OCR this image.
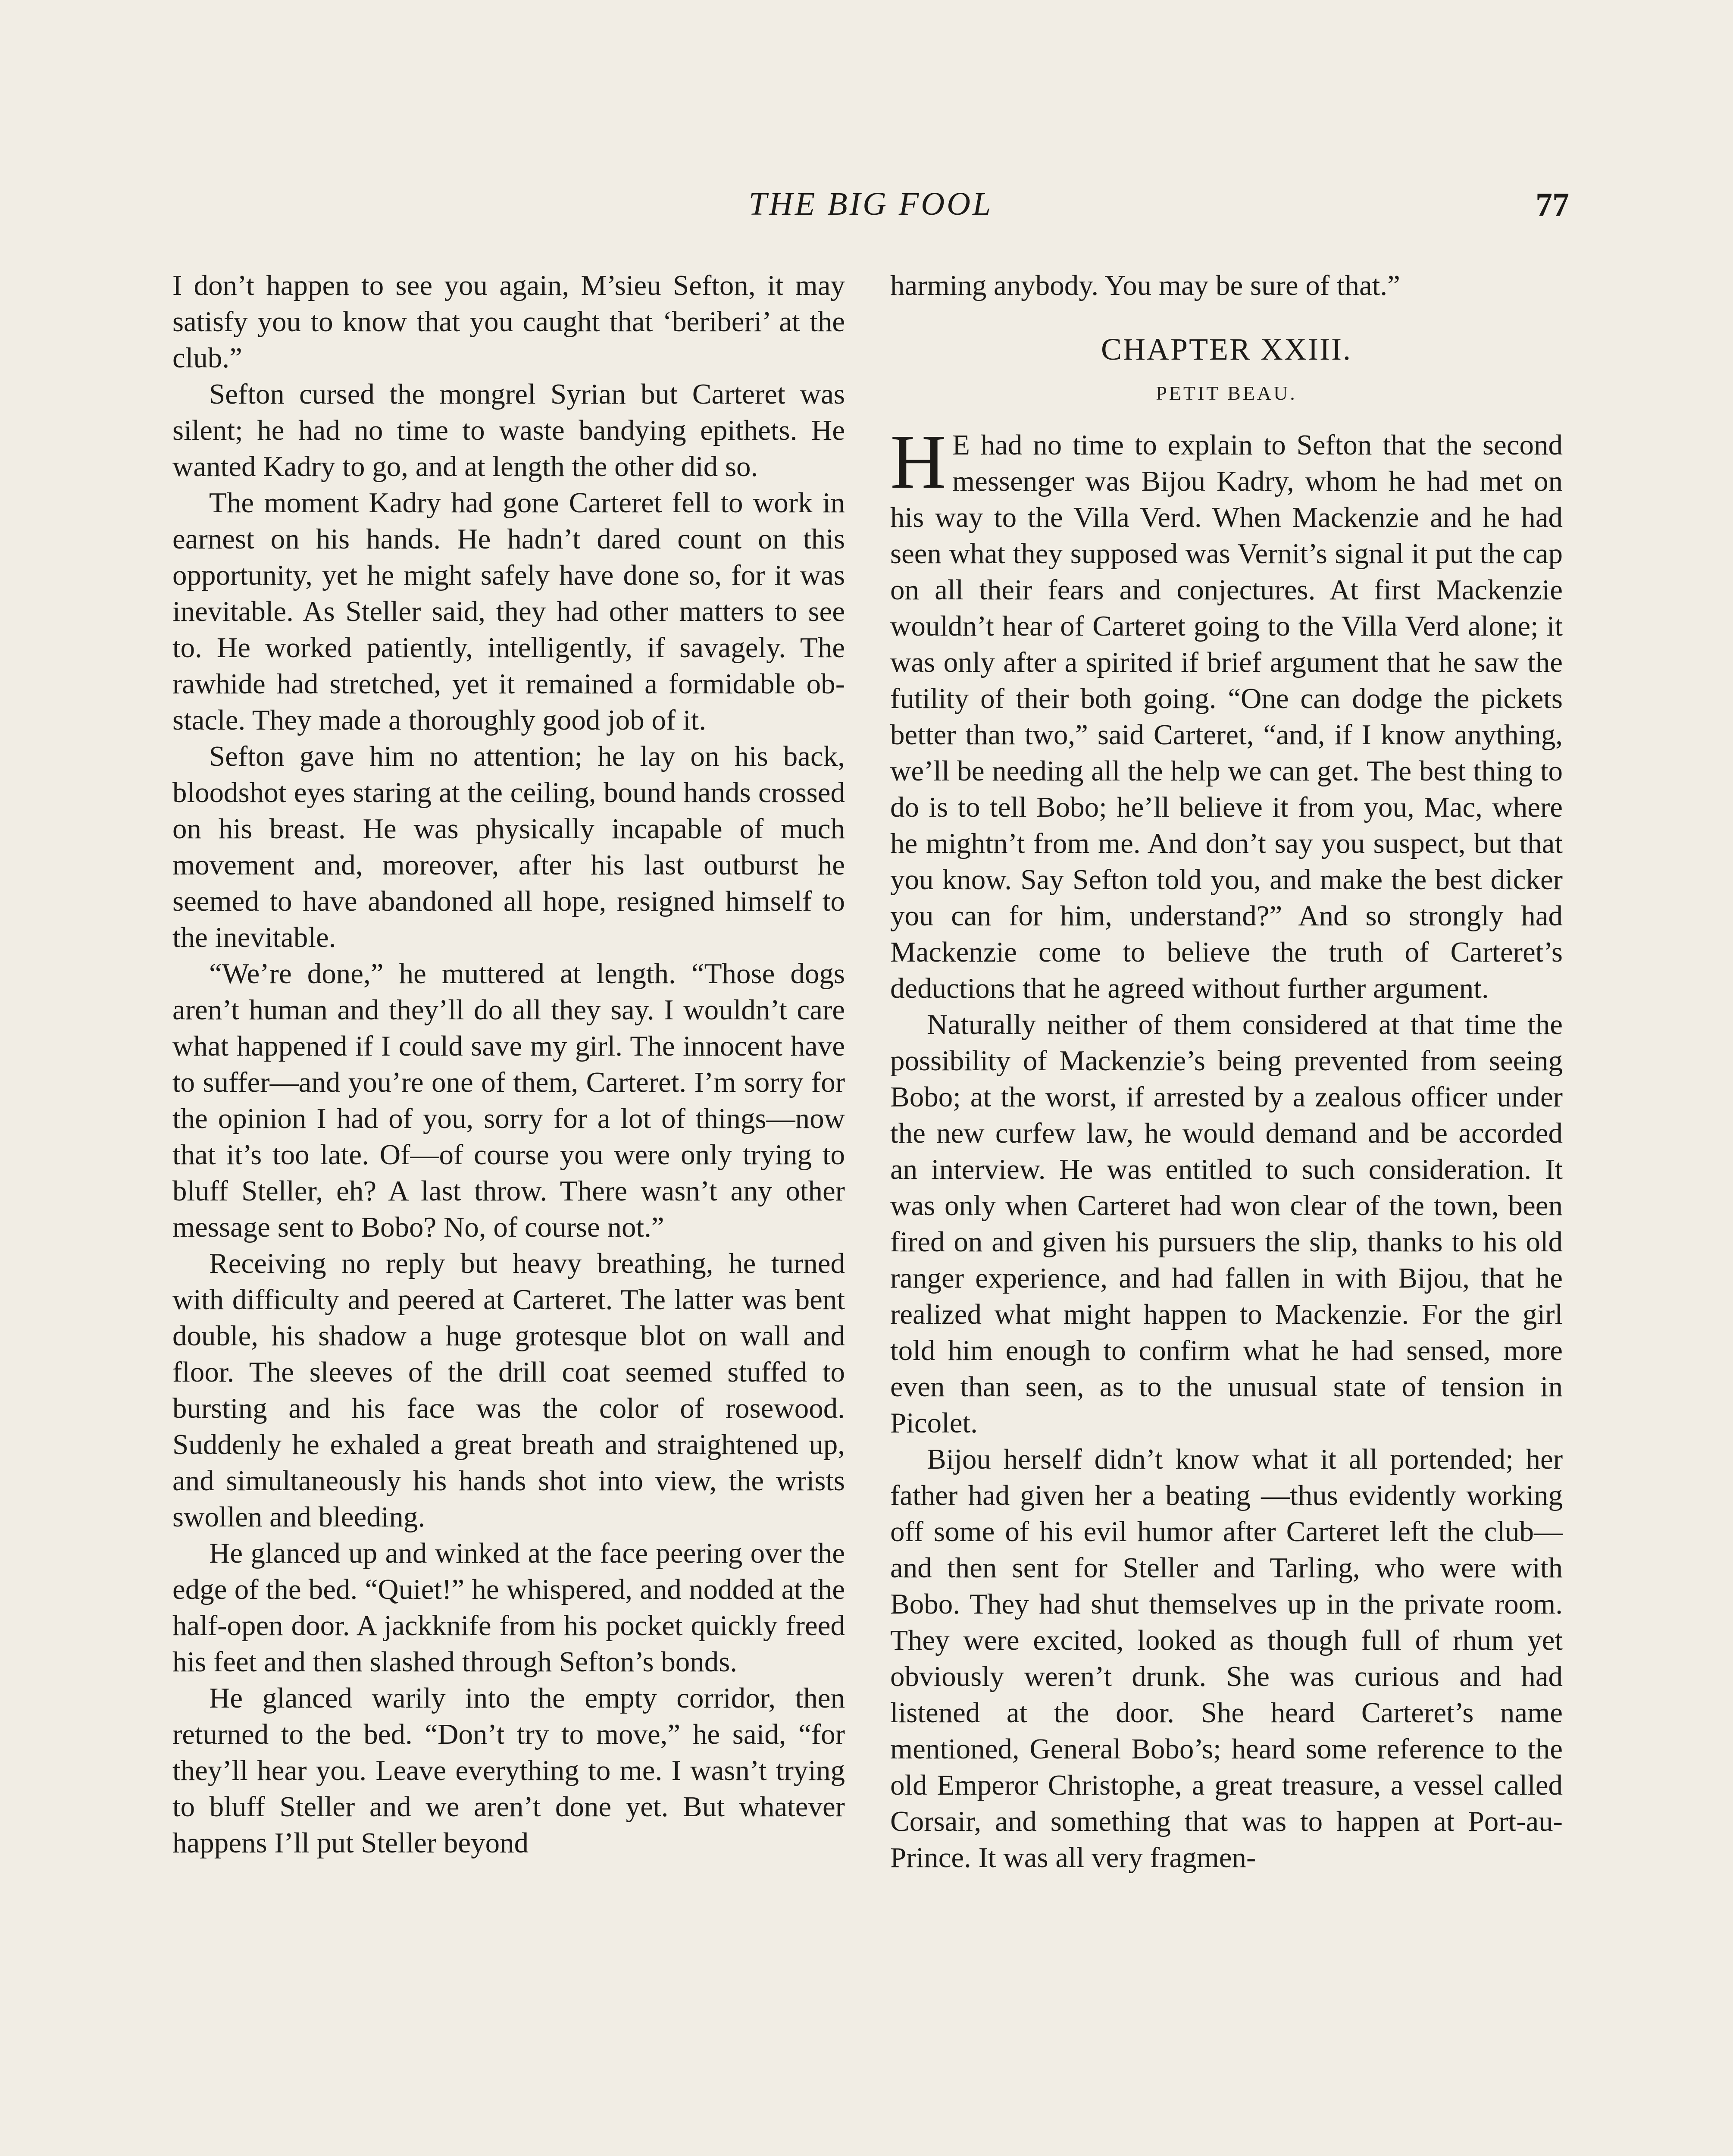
THE BIG FOOL	77

I don’t happen to see you again, M’sieu Sefton, it may satisfy you to know that you caught that ‘beriberi’ at the club.”

Sefton cursed the mongrel Syrian but Carteret was silent; he had no time to waste bandying epithets. He wanted Kadry to go, and at length the other did so.

The moment Kadry had gone Carteret fell to work in earnest on his hands. He hadn’t dared count on this opportunity, yet he might safely have done so, for it was inevitable. As Steller said, they had other matters to see to. He worked patiently, intelligently, if savagely. The rawhide had stretched, yet it remained a formidable obstacle. They made a thoroughly good job of it.

Sefton gave him no attention; he lay on his back, bloodshot eyes staring at the ceiling, bound hands crossed on his breast. He was physically incapable of much movement and, moreover, after his last outburst he seemed to have abandoned all hope, resigned himself to the inevitable.

“We’re done,” he muttered at length. “Those dogs aren’t human and they’ll do all they say. I wouldn’t care what happened if I could save my girl. The innocent have to suffer—and you’re one of them, Carteret. I’m sorry for the opinion I had of you, sorry for a lot of things—now that it’s too late. Of—of course you were only trying to bluff Steller, eh? A last throw. There wasn’t any other message sent to Bobo? No, of course not.”

Receiving no reply but heavy breathing, he turned with difficulty and peered at Carteret. The latter was bent double, his shadow a huge grotesque blot on wall and floor. The sleeves of the drill coat seemed stuffed to bursting and his face was the color of rosewood. Suddenly he exhaled a great breath and straightened up, and simultaneously his hands shot into view, the wrists swollen and bleeding.

He glanced up and winked at the face peering over the edge of the bed. “Quiet!” he whispered, and nodded at the half-open door. A jackknife from his pocket quickly freed his feet and then slashed through Sefton’s bonds.

He glanced warily into the empty corridor, then returned to the bed. “Don’t try to move,” he said, “for they’ll hear you. Leave everything to me. I wasn’t trying to bluff Steller and we aren’t done yet. But whatever happens I’ll put Steller beyond

harming anybody. You may be sure of that.”

CHAPTER XXIII.
PETIT BEAU.

H E had no time to explain to Sefton that the second messenger was Bijou Kadry, whom he had met on his way to the Villa Verd. When Mackenzie and he had seen what they supposed was Vernit’s signal it put the cap on all their fears and conjectures. At first Mackenzie wouldn’t hear of Carteret going to the Villa Verd alone; it was only after a spirited if brief argument that he saw the futility of their both going. “One can dodge the pickets better than two,” said Carteret, “and, if I know anything, we’ll be needing all the help we can get. The best thing to do is to tell Bobo; he’ll believe it from you, Mac, where he mightn’t from me. And don’t say you suspect, but that you know. Say Sefton told you, and make the best dicker you can for him, understand?” And so strongly had Mackenzie come to believe the truth of Carteret’s deductions that he agreed without further argument.

Naturally neither of them considered at that time the possibility of Mackenzie’s being prevented from seeing Bobo; at the worst, if arrested by a zealous officer under the new curfew law, he would demand and be accorded an interview. He was entitled to such consideration. It was only when Carteret had won clear of the town, been fired on and given his pursuers the slip, thanks to his old ranger experience, and had fallen in with Bijou, that he realized what might happen to Mackenzie. For the girl told him enough to confirm what he had sensed, more even than seen, as to the unusual state of tension in Picolet.

Bijou herself didn’t know what it all portended; her father had given her a beating —thus evidently working off some of his evil humor after Carteret left the club— and then sent for Steller and Tarling, who were with Bobo. They had shut themselves up in the private room. They were excited, looked as though full of rhum yet obviously weren’t drunk. She was curious and had listened at the door. She heard Carteret’s name mentioned, General Bobo’s; heard some reference to the old Emperor Christophe, a great treasure, a vessel called Corsair, and something that was to happen at Port-au-Prince. It was all very fragmen-
